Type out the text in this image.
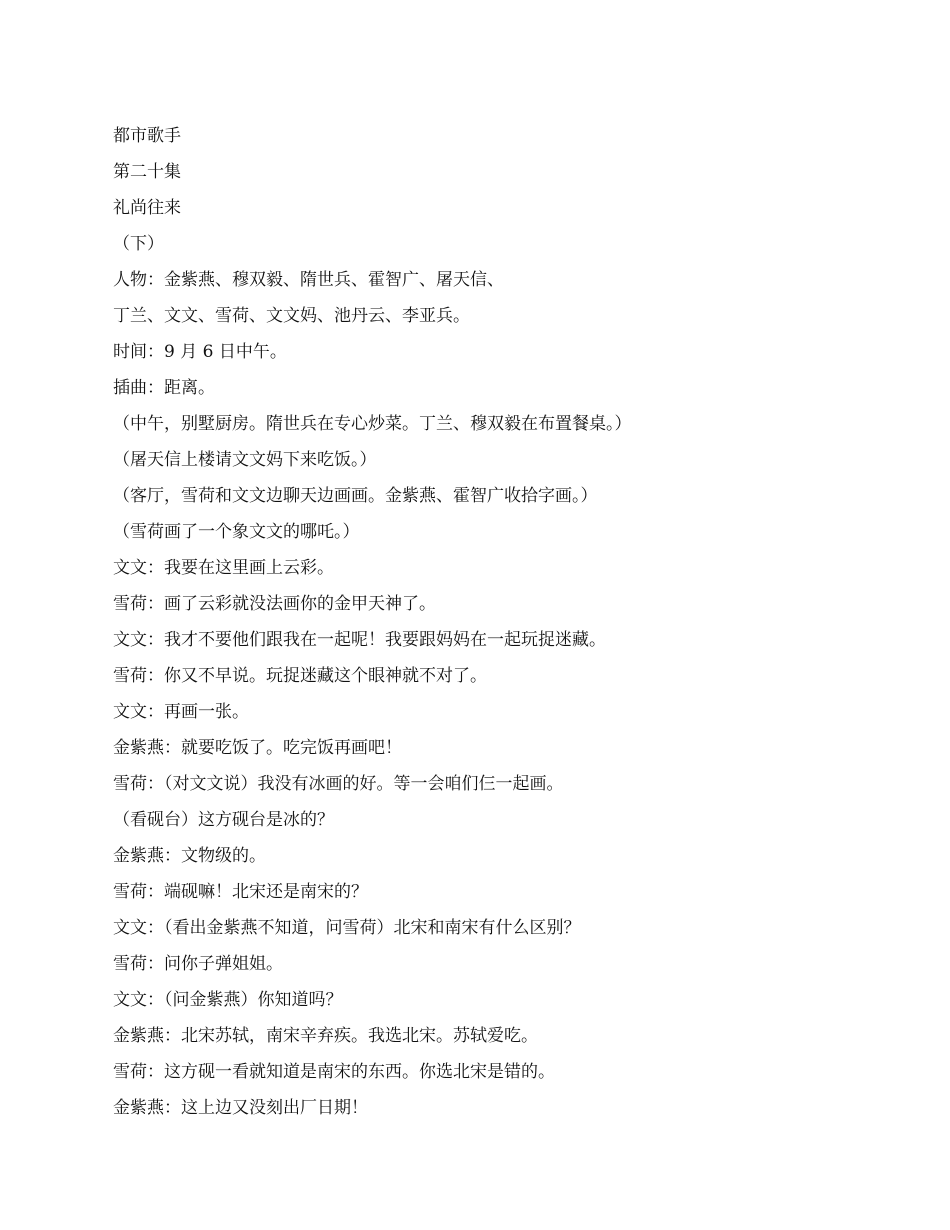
都市歌手
第二十集
礼尚往来
（下）
人物：金紫燕、穆双毅、隋世兵、霍智广、屠天信、
丁兰、文文、雪荷、文文妈、池丹云、李亚兵。
时间：9 月 6 日中午。
插曲：距离。
（中午，别墅厨房。隋世兵在专心炒菜。丁兰、穆双毅在布置餐桌。）
（屠天信上楼请文文妈下来吃饭。）
（客厅，雪荷和文文边聊天边画画。金紫燕、霍智广收拾字画。）
（雪荷画了一个象文文的哪吒。）
文文：我要在这里画上云彩。
雪荷：画了云彩就没法画你的金甲天神了。
文文：我才不要他们跟我在一起呢！我要跟妈妈在一起玩捉迷藏。
雪荷：你又不早说。玩捉迷藏这个眼神就不对了。
文文：再画一张。
金紫燕：就要吃饭了。吃完饭再画吧！
雪荷：（对文文说）我没有冰画的好。等一会咱们仨一起画。
（看砚台）这方砚台是冰的？
金紫燕：文物级的。
雪荷：端砚嘛！北宋还是南宋的？
文文：（看出金紫燕不知道，问雪荷）北宋和南宋有什么区别？
雪荷：问你子弹姐姐。
文文：（问金紫燕）你知道吗？
金紫燕：北宋苏轼，南宋辛弃疾。我选北宋。苏轼爱吃。
雪荷：这方砚一看就知道是南宋的东西。你选北宋是错的。
金紫燕：这上边又没刻出厂日期！
